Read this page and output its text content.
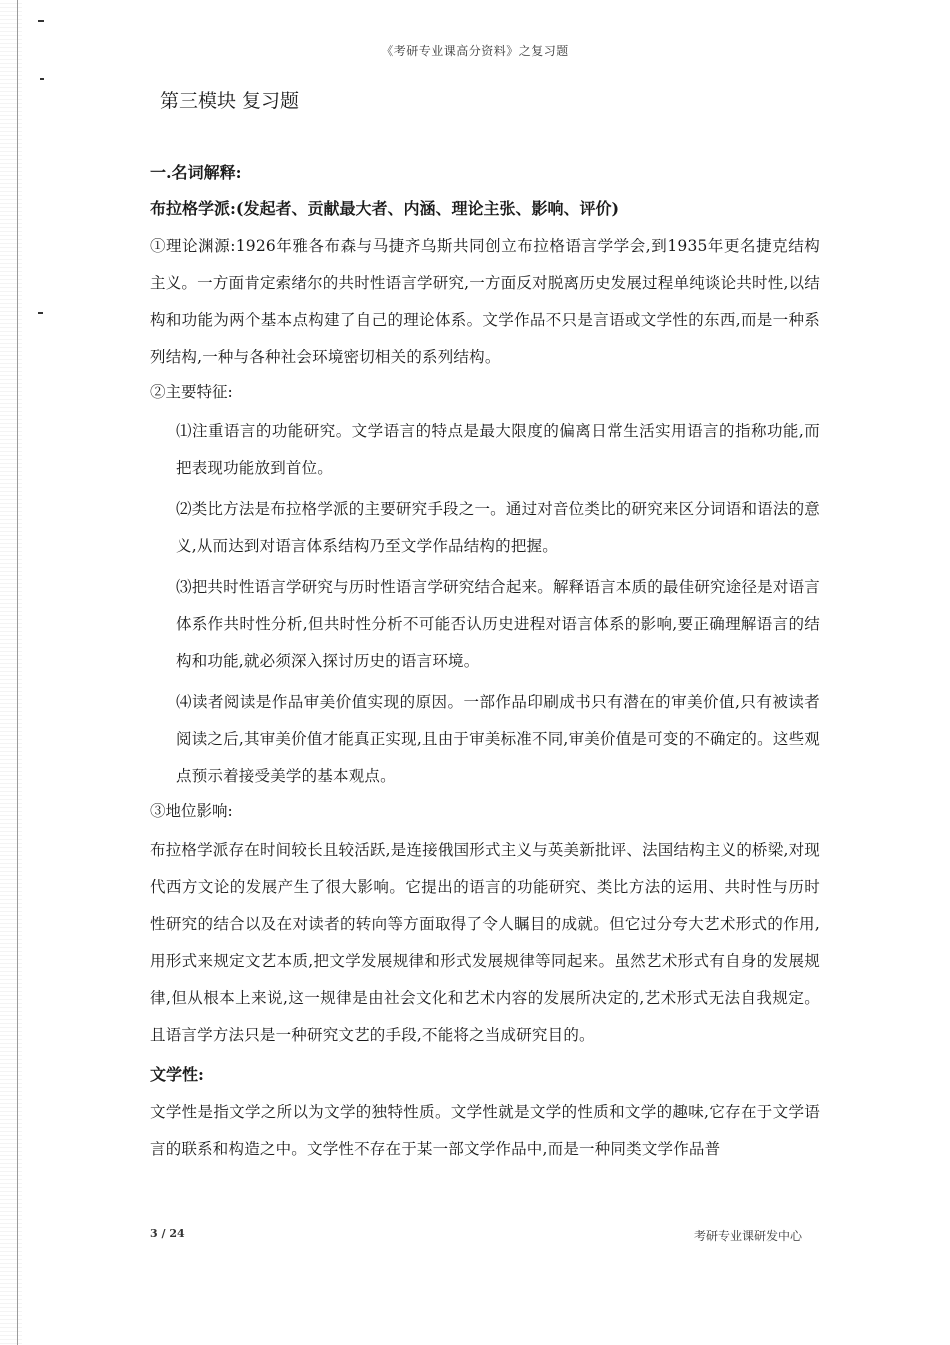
《考研专业课高分资料》之复习题
第三模块 复习题
一.名词解释:
布拉格学派:(发起者、贡献最大者、内涵、理论主张、影响、评价)

①理论渊源:1926年雅各布森与马捷齐乌斯共同创立布拉格语言学学会,到1935年更名捷克结构主义。一方面肯定索绪尔的共时性语言学研究,一方面反对脱离历史发展过程单纯谈论共时性,以结构和功能为两个基本点构建了自己的理论体系。文学作品不只是言语或文学性的东西,而是一种系列结构,一种与各种社会环境密切相关的系列结构。

②主要特征:

⑴注重语言的功能研究。文学语言的特点是最大限度的偏离日常生活实用语言的指称功能,而把表现功能放到首位。

⑵类比方法是布拉格学派的主要研究手段之一。通过对音位类比的研究来区分词语和语法的意义,从而达到对语言体系结构乃至文学作品结构的把握。

⑶把共时性语言学研究与历时性语言学研究结合起来。解释语言本质的最佳研究途径是对语言体系作共时性分析,但共时性分析不可能否认历史进程对语言体系的影响,要正确理解语言的结构和功能,就必须深入探讨历史的语言环境。

⑷读者阅读是作品审美价值实现的原因。一部作品印刷成书只有潜在的审美价值,只有被读者阅读之后,其审美价值才能真正实现,且由于审美标准不同,审美价值是可变的不确定的。这些观点预示着接受美学的基本观点。

③地位影响:

布拉格学派存在时间较长且较活跃,是连接俄国形式主义与英美新批评、法国结构主义的桥梁,对现代西方文论的发展产生了很大影响。它提出的语言的功能研究、类比方法的运用、共时性与历时性研究的结合以及在对读者的转向等方面取得了令人瞩目的成就。但它过分夸大艺术形式的作用,用形式来规定文艺本质,把文学发展规律和形式发展规律等同起来。虽然艺术形式有自身的发展规律,但从根本上来说,这一规律是由社会文化和艺术内容的发展所决定的,艺术形式无法自我规定。且语言学方法只是一种研究文艺的手段,不能将之当成研究目的。

文学性:

文学性是指文学之所以为文学的独特性质。文学性就是文学的性质和文学的趣味,它存在于文学语言的联系和构造之中。文学性不存在于某一部文学作品中,而是一种同类文学作品普

3 / 24	考研专业课研发中心
